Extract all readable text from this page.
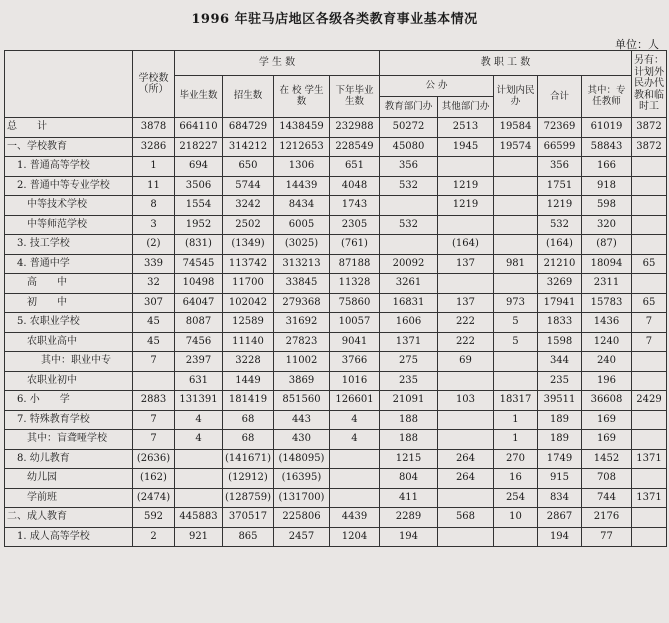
1996 年驻马店地区各级各类教育事业基本情况
单位：人
	学校数（所）	学 生 数				教 职 工 数					另有：计划外民办代教和临时工
		毕业生数	招生数	在 校 学生数	下年毕业生数	公 办		计划内民办	合计	其中：专任教师	
						教育部门办	其他部门办				
总　　计	3878	664110	684729	1438459	232988	50272	2513	19584	72369	61019	3872
一、学校教育	3286	218227	314212	1212653	228549	45080	1945	19574	66599	58843	3872
1. 普通高等学校	1	694	650	1306	651	356			356	166	
2. 普通中等专业学校	11	3506	5744	14439	4048	532	1219		1751	918	
中等技术学校	8	1554	3242	8434	1743		1219		1219	598	
中等师范学校	3	1952	2502	6005	2305	532			532	320	
3. 技工学校	(2)	(831)	(1349)	(3025)	(761)		(164)		(164)	(87)	
4. 普通中学	339	74545	113742	313213	87188	20092	137	981	21210	18094	65
高　　中	32	10498	11700	33845	11328	3261			3269	2311	
初　　中	307	64047	102042	279368	75860	16831	137	973	17941	15783	65
5. 农职业学校	45	8087	12589	31692	10057	1606	222	5	1833	1436	7
农职业高中	45	7456	11140	27823	9041	1371	222	5	1598	1240	7
其中：职业中专	7	2397	3228	11002	3766	275	69		344	240	
农职业初中		631	1449	3869	1016	235			235	196	
6. 小　　学	2883	131391	181419	851560	126601	21091	103	18317	39511	36608	2429
7. 特殊教育学校	7	4	68	443	4	188		1	189	169	
其中：盲聋哑学校	7	4	68	430	4	188		1	189	169	
8. 幼儿教育	(2636)		(141671)	(148095)		1215	264	270	1749	1452	1371
幼儿园	(162)		(12912)	(16395)		804	264	16	915	708	
学前班	(2474)		(128759)	(131700)		411		254	834	744	1371
二、成人教育	592	445883	370517	225806	4439	2289	568	10	2867	2176	
1. 成人高等学校	2	921	865	2457	1204	194			194	77	
